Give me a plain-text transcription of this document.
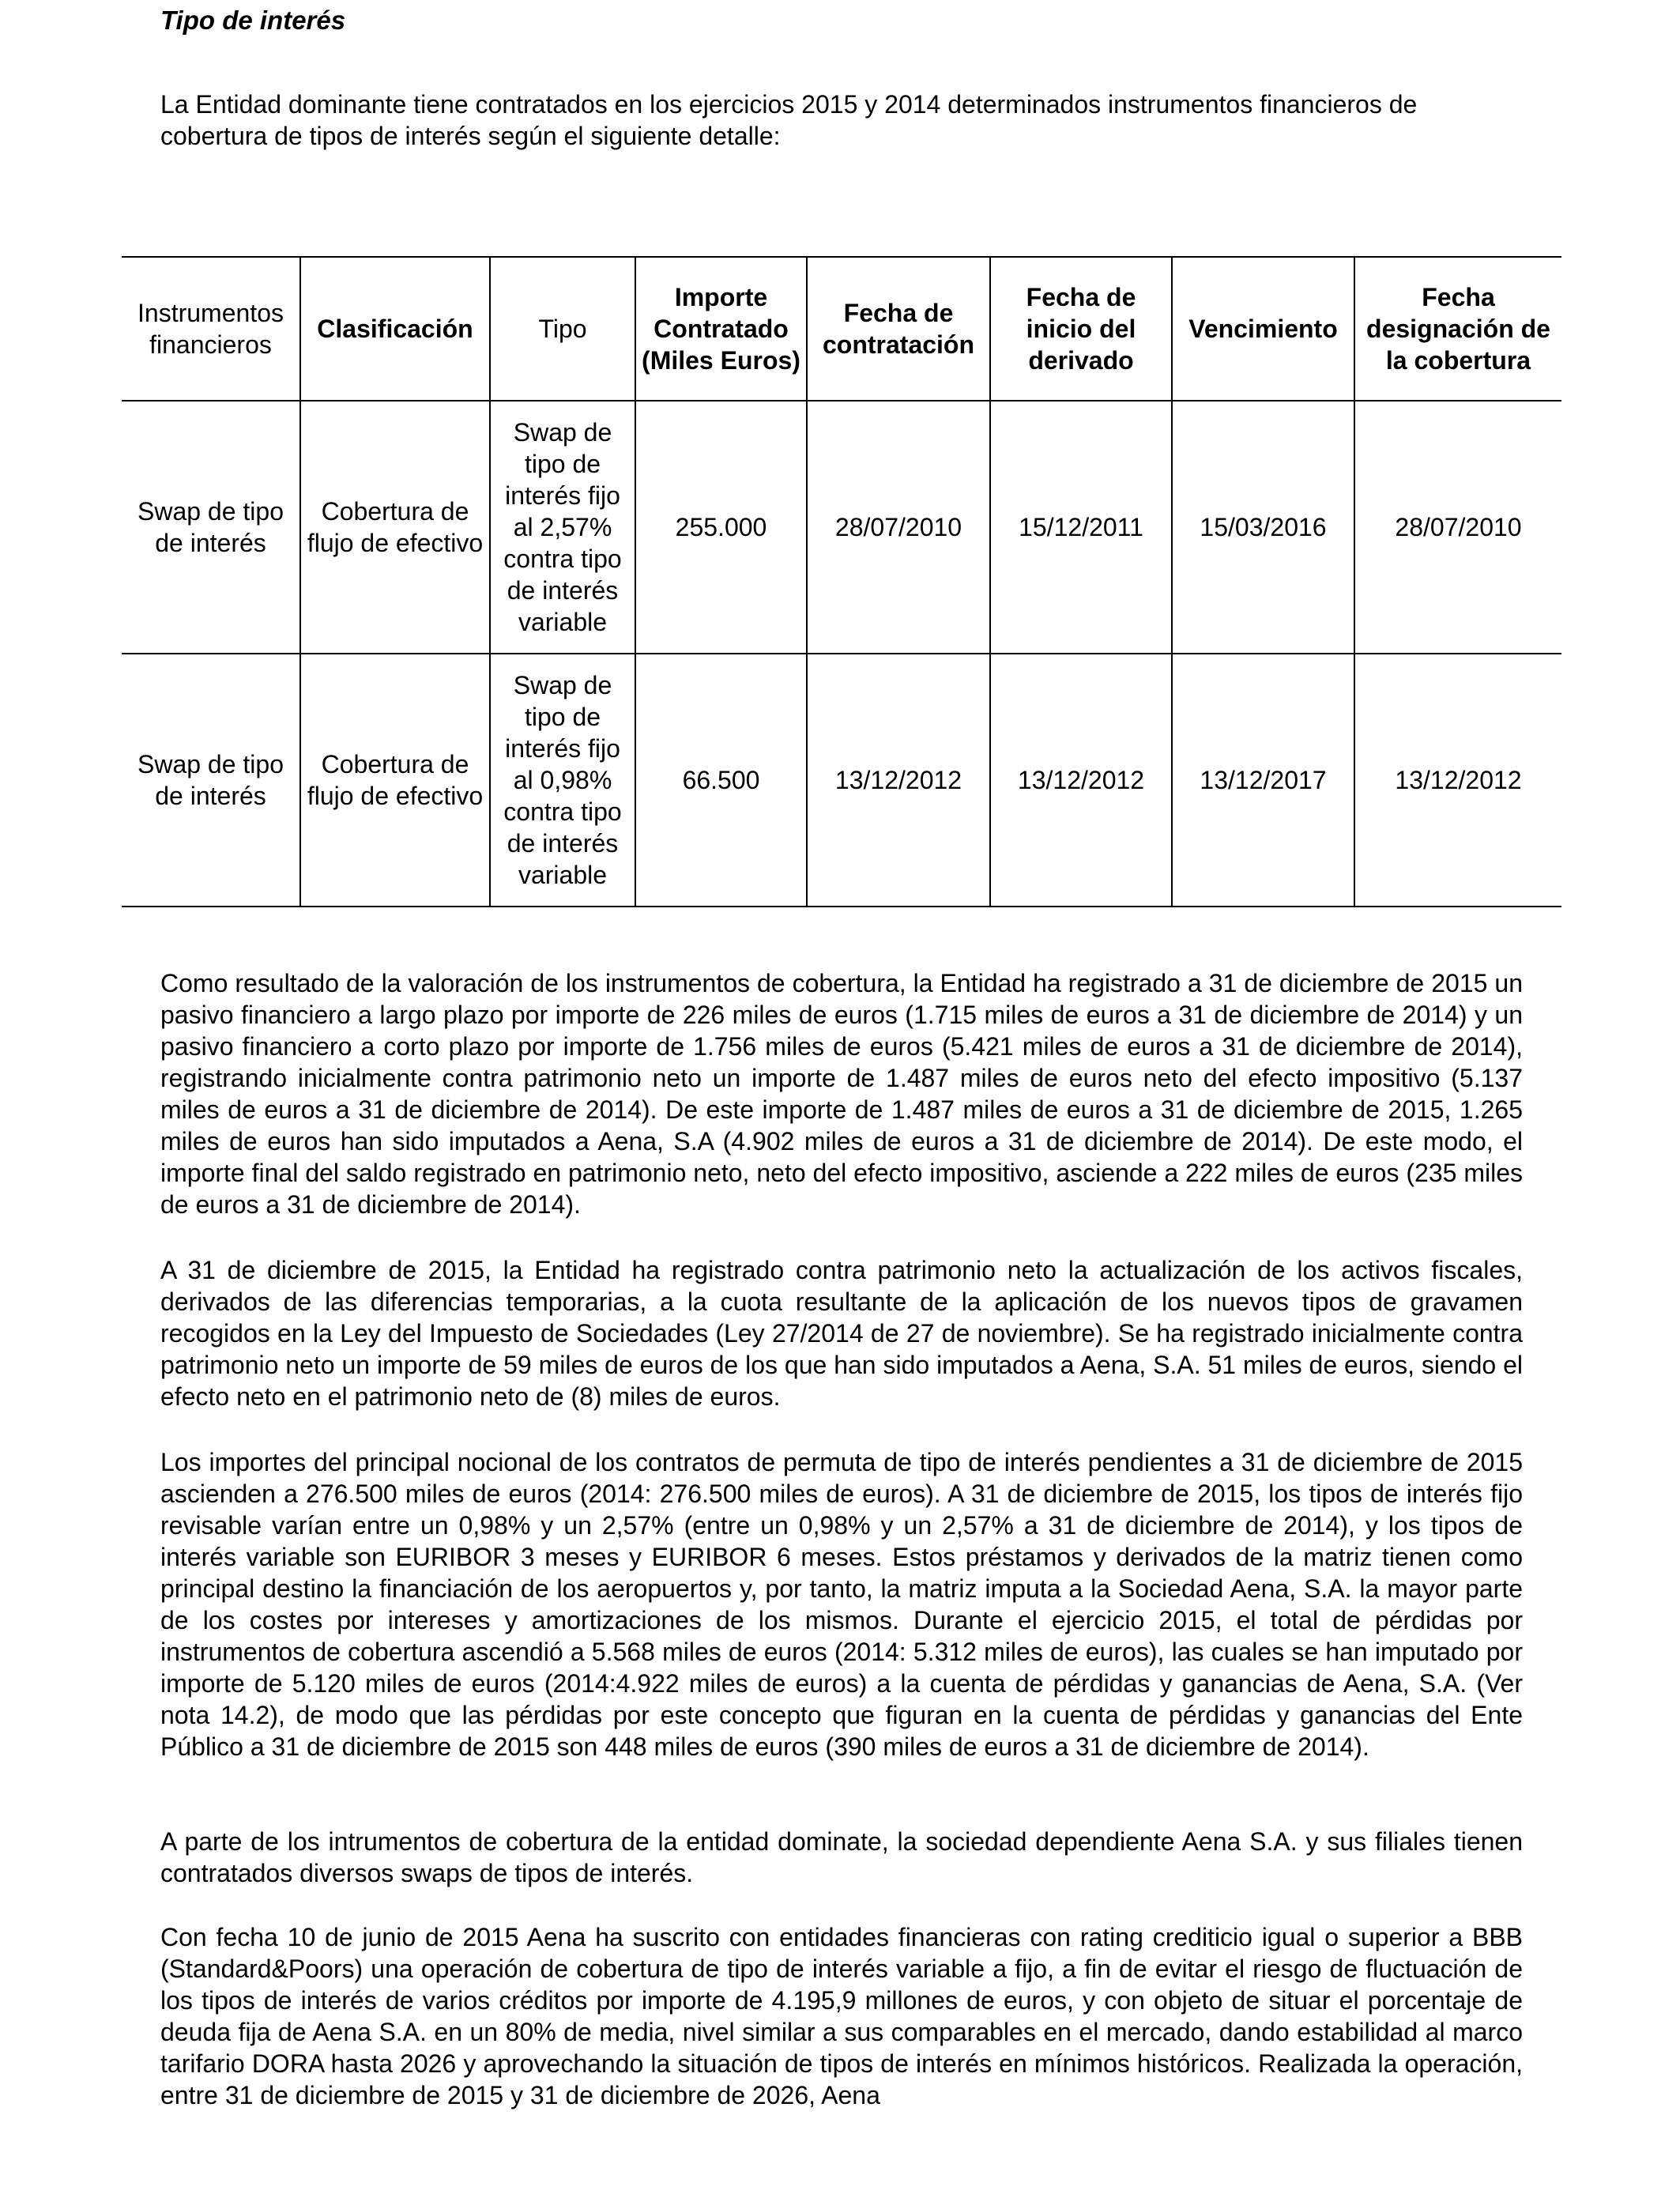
Tipo de interés

La Entidad dominante tiene contratados en los ejercicios 2015 y 2014 determinados instrumentos financieros de cobertura de tipos de interés según el siguiente detalle:

Instrumentos financieros	Clasificación	Tipo	Importe Contratado (Miles Euros)	Fecha de contratación	Fecha de inicio del derivado	Vencimiento	Fecha designación de la cobertura
Swap de tipo de interés	Cobertura de flujo de efectivo	Swap de tipo de interés fijo al 2,57% contra tipo de interés variable	255.000	28/07/2010	15/12/2011	15/03/2016	28/07/2010
Swap de tipo de interés	Cobertura de flujo de efectivo	Swap de tipo de interés fijo al 0,98% contra tipo de interés variable	66.500	13/12/2012	13/12/2012	13/12/2017	13/12/2012

Como resultado de la valoración de los instrumentos de cobertura, la Entidad ha registrado a 31 de diciembre de 2015 un pasivo financiero a largo plazo por importe de 226 miles de euros (1.715 miles de euros a 31 de diciembre de 2014) y un pasivo financiero a corto plazo por importe de 1.756 miles de euros (5.421 miles de euros a 31 de diciembre de 2014), registrando inicialmente contra patrimonio neto un importe de 1.487 miles de euros neto del efecto impositivo (5.137 miles de euros a 31 de diciembre de 2014). De este importe de 1.487 miles de euros a 31 de diciembre de 2015, 1.265 miles de euros han sido imputados a Aena, S.A (4.902 miles de euros a 31 de diciembre de 2014). De este modo, el importe final del saldo registrado en patrimonio neto, neto del efecto impositivo, asciende a 222 miles de euros (235 miles de euros a 31 de diciembre de 2014).

A 31 de diciembre de 2015, la Entidad ha registrado contra patrimonio neto la actualización de los activos fiscales, derivados de las diferencias temporarias, a la cuota resultante de la aplicación de los nuevos tipos de gravamen recogidos en la Ley del Impuesto de Sociedades (Ley 27/2014 de 27 de noviembre). Se ha registrado inicialmente contra patrimonio neto un importe de 59 miles de euros de los que han sido imputados a Aena, S.A. 51 miles de euros, siendo el efecto neto en el patrimonio neto de (8) miles de euros.

Los importes del principal nocional de los contratos de permuta de tipo de interés pendientes a 31 de diciembre de 2015 ascienden a 276.500 miles de euros (2014: 276.500 miles de euros). A 31 de diciembre de 2015, los tipos de interés fijo revisable varían entre un 0,98% y un 2,57% (entre un 0,98% y un 2,57% a 31 de diciembre de 2014), y los tipos de interés variable son EURIBOR 3 meses y EURIBOR 6 meses. Estos préstamos y derivados de la matriz tienen como principal destino la financiación de los aeropuertos y, por tanto, la matriz imputa a la Sociedad Aena, S.A. la mayor parte de los costes por intereses y amortizaciones de los mismos. Durante el ejercicio 2015, el total de pérdidas por instrumentos de cobertura ascendió a 5.568 miles de euros (2014: 5.312 miles de euros), las cuales se han imputado por importe de 5.120 miles de euros (2014:4.922 miles de euros) a la cuenta de pérdidas y ganancias de Aena, S.A. (Ver nota 14.2), de modo que las pérdidas por este concepto que figuran en la cuenta de pérdidas y ganancias del Ente Público a 31 de diciembre de 2015 son 448 miles de euros (390 miles de euros a 31 de diciembre de 2014).

A parte de los intrumentos de cobertura de la entidad dominate, la sociedad dependiente Aena S.A. y sus filiales tienen contratados diversos swaps de tipos de interés.

Con fecha 10 de junio de 2015 Aena ha suscrito con entidades financieras con rating crediticio igual o superior a BBB (Standard&Poors) una operación de cobertura de tipo de interés variable a fijo, a fin de evitar el riesgo de fluctuación de los tipos de interés de varios créditos por importe de 4.195,9 millones de euros, y con objeto de situar el porcentaje de deuda fija de Aena S.A. en un 80% de media, nivel similar a sus comparables en el mercado, dando estabilidad al marco tarifario DORA hasta 2026 y aprovechando la situación de tipos de interés en mínimos históricos. Realizada la operación, entre 31 de diciembre de 2015 y 31 de diciembre de 2026, Aena
